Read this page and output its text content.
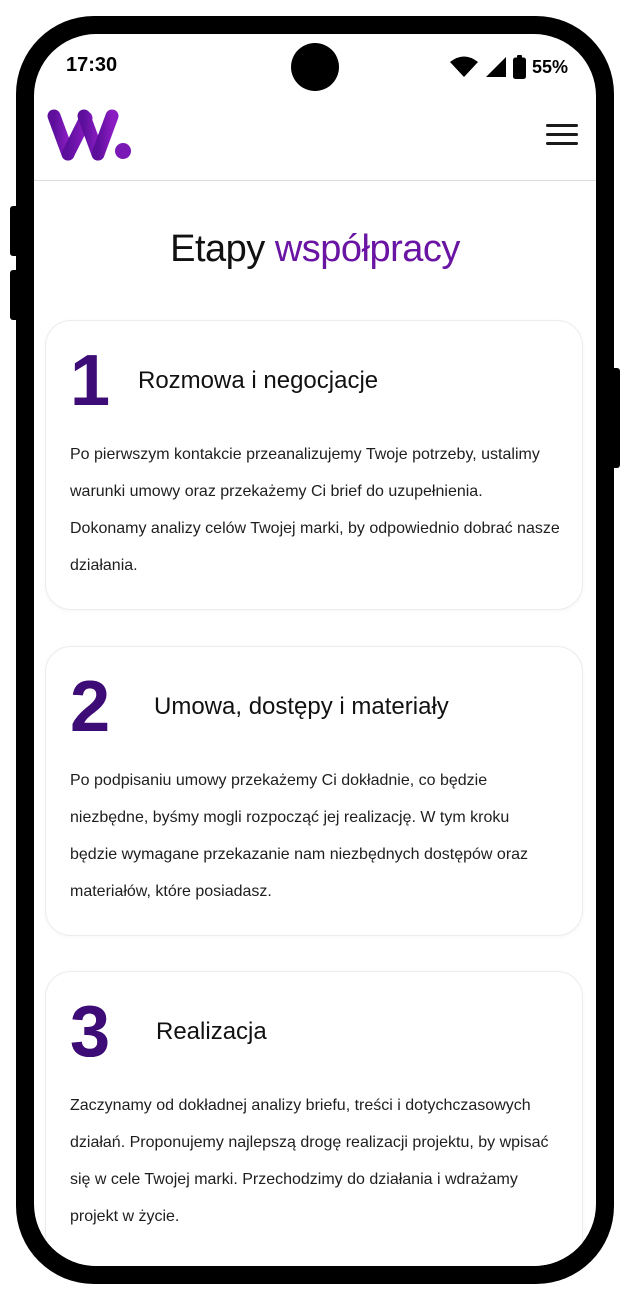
17:30	55%
Etapy współpracy
1 Rozmowa i negocjacje
Po pierwszym kontakcie przeanalizujemy Twoje potrzeby, ustalimy warunki umowy oraz przekażemy Ci brief do uzupełnienia. Dokonamy analizy celów Twojej marki, by odpowiednio dobrać nasze działania.
2 Umowa, dostępy i materiały
Po podpisaniu umowy przekażemy Ci dokładnie, co będzie niezbędne, byśmy mogli rozpocząć jej realizację. W tym kroku będzie wymagane przekazanie nam niezbędnych dostępów oraz materiałów, które posiadasz.
3 Realizacja
Zaczynamy od dokładnej analizy briefu, treści i dotychczasowych działań. Proponujemy najlepszą drogę realizacji projektu, by wpisać się w cele Twojej marki. Przechodzimy do działania i wdrażamy projekt w życie.
